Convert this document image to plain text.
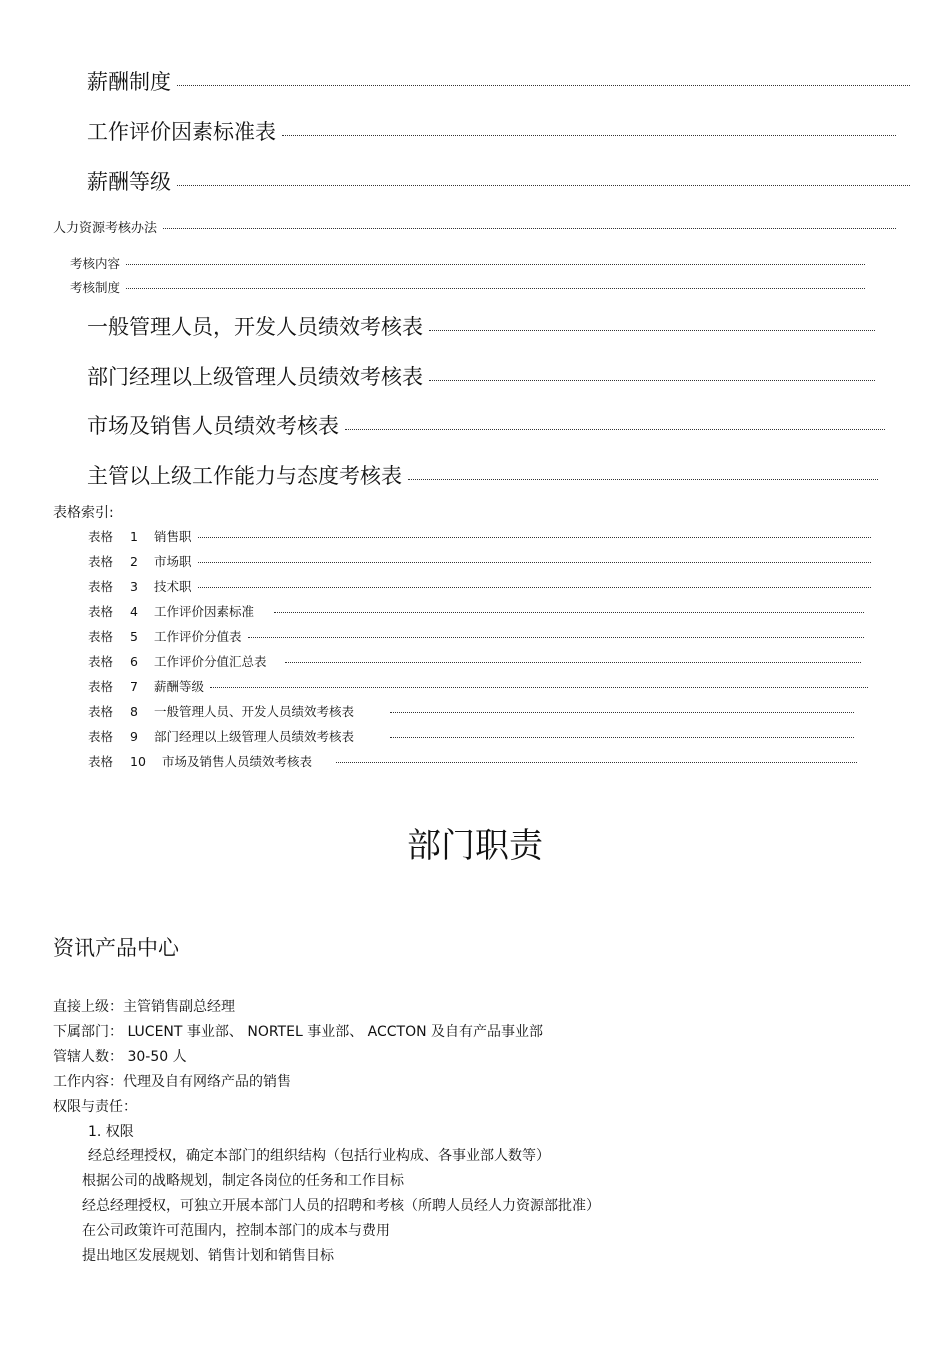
薪酬制度
工作评价因素标准表
薪酬等级
人力资源考核办法
考核内容
考核制度
一般管理人员，开发人员绩效考核表
部门经理以上级管理人员绩效考核表
市场及销售人员绩效考核表
主管以上级工作能力与态度考核表
表格索引:
表格	1	销售职
表格	2	市场职
表格	3	技术职
表格	4	工作评价因素标准
表格	5	工作评价分值表
表格	6	工作评价分值汇总表
表格	7	薪酬等级
表格	8	一般管理人员、开发人员绩效考核表
表格	9	部门经理以上级管理人员绩效考核表
表格	10	市场及销售人员绩效考核表
部门职责
资讯产品中心
直接上级：主管销售副总经理
下属部门： LUCENT 事业部、 NORTEL 事业部、 ACCTON 及自有产品事业部
管辖人数： 30-50 人
工作内容：代理及自有网络产品的销售
权限与责任：
1. 权限
经总经理授权，确定本部门的组织结构（包括行业构成、各事业部人数等）
根据公司的战略规划，制定各岗位的任务和工作目标
经总经理授权，可独立开展本部门人员的招聘和考核（所聘人员经人力资源部批准）
在公司政策许可范围内，控制本部门的成本与费用
提出地区发展规划、销售计划和销售目标
